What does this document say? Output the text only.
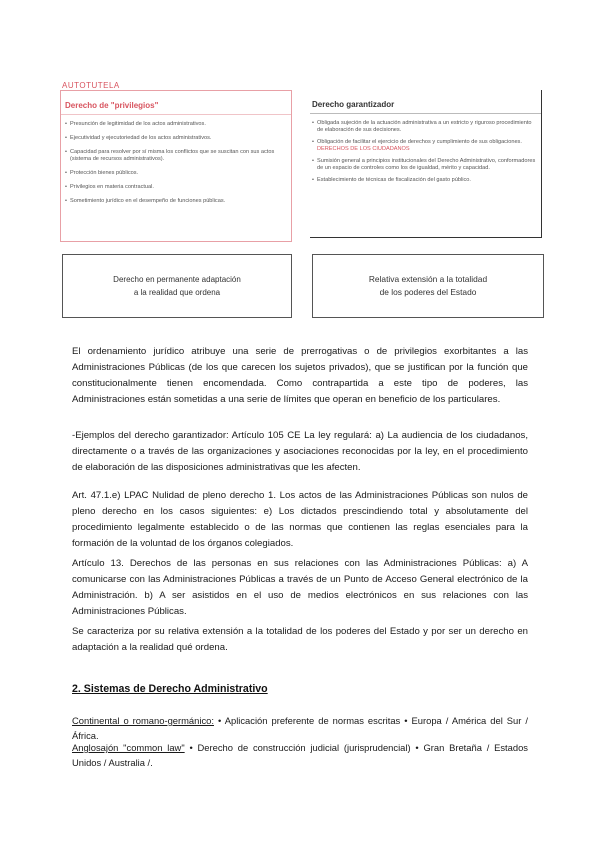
AUTOTUTELA
Derecho de "privilegios"
• Presunción de legitimidad de los actos administrativos.
• Ejecutividad y ejecutoriedad de los actos administrativos.
• Capacidad para resolver por sí misma los conflictos que se suscitan con sus actos (sistema de recursos administrativos).
• Protección bienes públicos.
• Privilegios en materia contractual.
• Sometimiento jurídico en el desempeño de funciones públicas.
Derecho garantizador
• Obligada sujeción de la actuación administrativa a un estricto y riguroso procedimiento de elaboración de sus decisiones.
• Obligación de facilitar el ejercicio de derechos y cumplimiento de sus obligaciones. DERECHOS DE LOS CIUDADANOS
• Sumisión general a principios institucionales del Derecho Administrativo, conformadores de un espacio de controles como los de igualdad, mérito y capacidad.
• Establecimiento de técnicas de fiscalización del gasto público.
Derecho en permanente adaptación
a la realidad que ordena
Relativa extensión a la totalidad
de los poderes del Estado

El ordenamiento jurídico atribuye una serie de prerrogativas o de privilegios exorbitantes a las Administraciones Públicas (de los que carecen los sujetos privados), que se justifican por la función que constitucionalmente tienen encomendada. Como contrapartida a este tipo de poderes, las Administraciones están sometidas a una serie de límites que operan en beneficio de los particulares.

-Ejemplos del derecho garantizador: Artículo 105 CE La ley regulará: a) La audiencia de los ciudadanos, directamente o a través de las organizaciones y asociaciones reconocidas por la ley, en el procedimiento de elaboración de las disposiciones administrativas que les afecten.

Art. 47.1.e) LPAC Nulidad de pleno derecho 1. Los actos de las Administraciones Públicas son nulos de pleno derecho en los casos siguientes: e) Los dictados prescindiendo total y absolutamente del procedimiento legalmente establecido o de las normas que contienen las reglas esenciales para la formación de la voluntad de los órganos colegiados.

Artículo 13. Derechos de las personas en sus relaciones con las Administraciones Públicas: a) A comunicarse con las Administraciones Públicas a través de un Punto de Acceso General electrónico de la Administración. b) A ser asistidos en el uso de medios electrónicos en sus relaciones con las Administraciones Públicas.

Se caracteriza por su relativa extensión a la totalidad de los poderes del Estado y por ser un derecho en adaptación a la realidad qué ordena.

2. Sistemas de Derecho Administrativo

Continental o romano-germánico: • Aplicación preferente de normas escritas • Europa / América del Sur / África.

Anglosajón "common law" • Derecho de construcción judicial (jurisprudencial) • Gran Bretaña / Estados Unidos / Australia /.
